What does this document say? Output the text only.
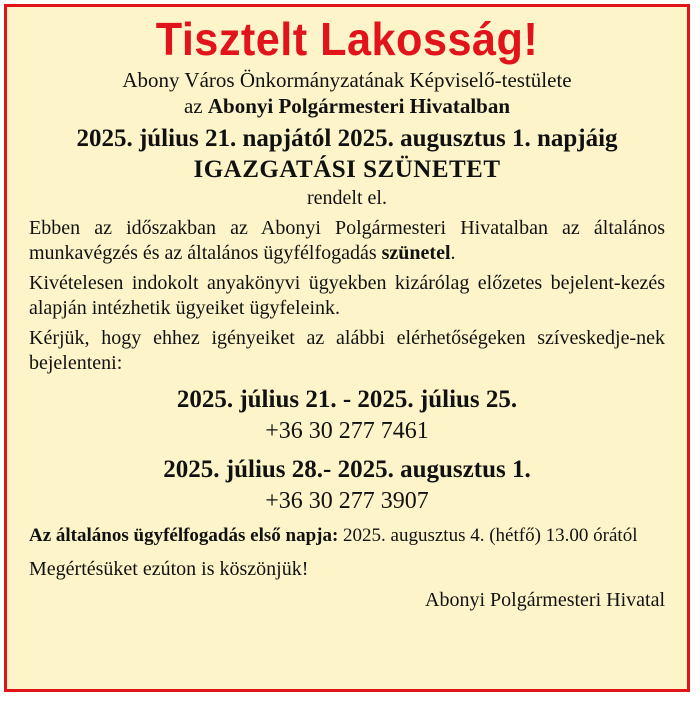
Tisztelt Lakosság!
Abony Város Önkormányzatának Képviselő-testülete
az Abonyi Polgármesteri Hivatalban
2025. július 21. napjától 2025. augusztus 1. napjáig
IGAZGATÁSI SZÜNETET
rendelt el.

Ebben az időszakban az Abonyi Polgármesteri Hivatalban az általános munkavégzés és az általános ügyfélfogadás szünetel.

Kivételesen indokolt anyakönyvi ügyekben kizárólag előzetes bejelent-kezés alapján intézhetik ügyeiket ügyfeleink.

Kérjük, hogy ehhez igényeiket az alábbi elérhetőségeken szíveskedje-nek bejelenteni:

2025. július 21. - 2025. július 25.
+36 30 277 7461
2025. július 28.- 2025. augusztus 1.
+36 30 277 3907
Az általános ügyfélfogadás első napja: 2025. augusztus 4. (hétfő) 13.00 órától
Megértésüket ezúton is köszönjük!
Abonyi Polgármesteri Hivatal
